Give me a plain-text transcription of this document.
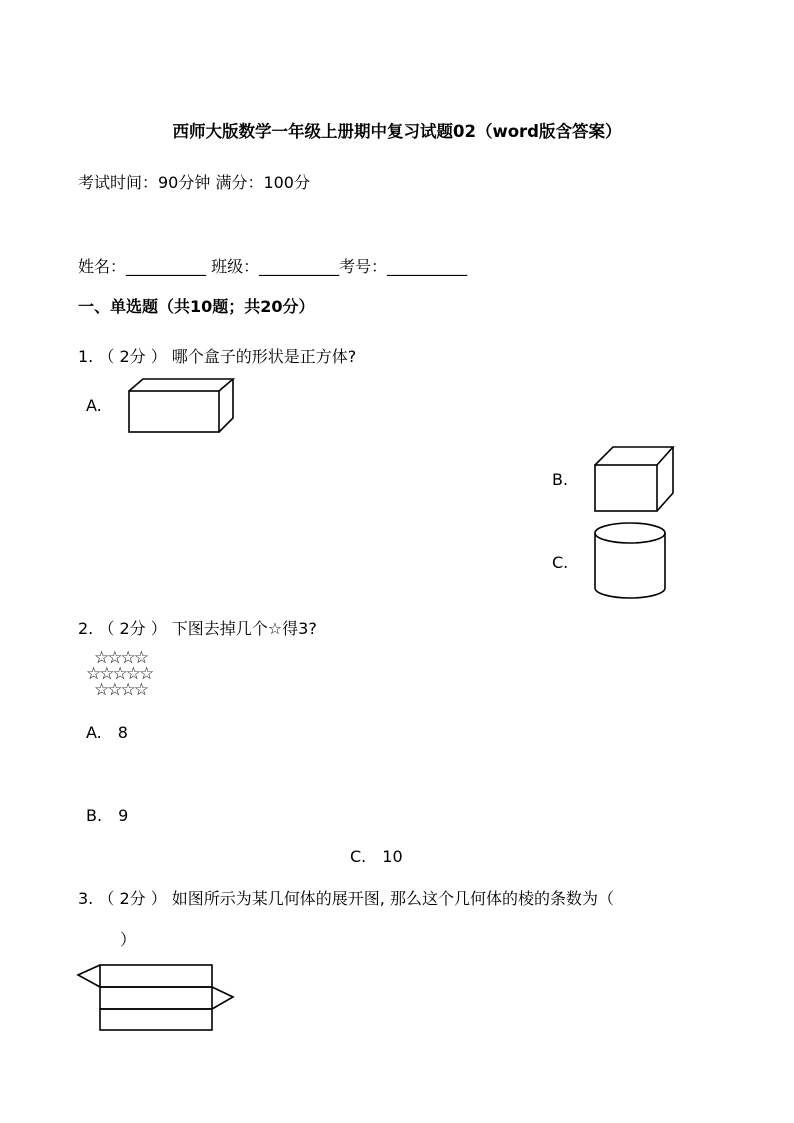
西师大版数学一年级上册期中复习试题02（word版含答案）
考试时间：90分钟 满分：100分
姓名：__________ 班级：__________考号：__________
一、单选题（共10题；共20分）
1. （ 2分 ） 哪个盒子的形状是正方体?
A.
B.
C.
2. （ 2分 ） 下图去掉几个☆得3?
☆☆☆☆
☆☆☆☆☆
☆☆☆☆
A.　8
B.　9
C.　10
3. （ 2分 ） 如图所示为某几何体的展开图, 那么这个几何体的棱的条数为（
）
